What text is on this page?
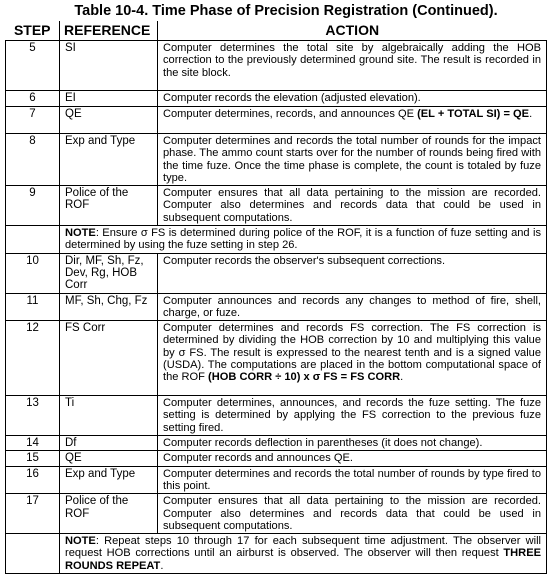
Table 10-4. Time Phase of Precision Registration (Continued).
STEP	REFERENCE	ACTION
5	SI	Computer determines the total site by algebraically adding the HOB correction to the previously determined ground site. The result is recorded in the site block.
6	EI	Computer records the elevation (adjusted elevation).
7	QE	Computer determines, records, and announces QE (EL + TOTAL SI) = QE.
8	Exp and Type	Computer determines and records the total number of rounds for the impact phase. The ammo count starts over for the number of rounds being fired with the time fuze. Once the time phase is complete, the count is totaled by fuze type.
9	Police of the ROF	Computer ensures that all data pertaining to the mission are recorded. Computer also determines and records data that could be used in subsequent computations.
	NOTE: Ensure σ FS is determined during police of the ROF, it is a function of fuze setting and is determined by using the fuze setting in step 26.	
10	Dir, MF, Sh, Fz, Dev, Rg, HOB Corr	Computer records the observer's subsequent corrections.
11	MF, Sh, Chg, Fz	Computer announces and records any changes to method of fire, shell, charge, or fuze.
12	FS Corr	Computer determines and records FS correction. The FS correction is determined by dividing the HOB correction by 10 and multiplying this value by σ FS. The result is expressed to the nearest tenth and is a signed value (USDA). The computations are placed in the bottom computational space of the ROF (HOB CORR ÷ 10) x σ FS = FS CORR.
13	Ti	Computer determines, announces, and records the fuze setting. The fuze setting is determined by applying the FS correction to the previous fuze setting fired.
14	Df	Computer records deflection in parentheses (it does not change).
15	QE	Computer records and announces QE.
16	Exp and Type	Computer determines and records the total number of rounds by type fired to this point.
17	Police of the ROF	Computer ensures that all data pertaining to the mission are recorded. Computer also determines and records data that could be used in subsequent computations.
	NOTE: Repeat steps 10 through 17 for each subsequent time adjustment. The observer will request HOB corrections until an airburst is observed. The observer will then request THREE ROUNDS REPEAT.	
